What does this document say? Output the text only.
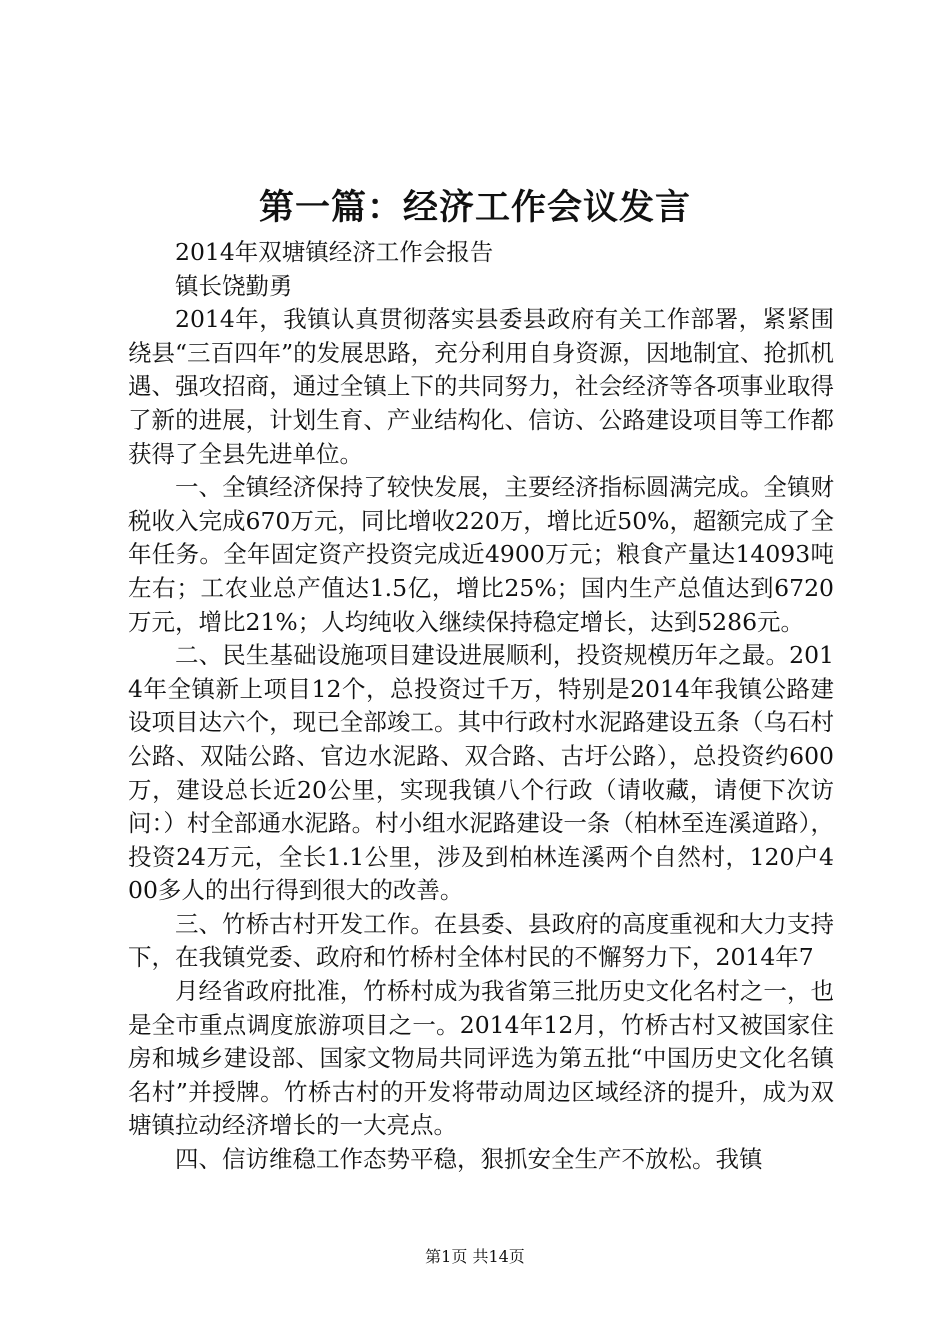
第一篇：经济工作会议发言

2014年双塘镇经济工作会报告

镇长饶勤勇

2014年，我镇认真贯彻落实县委县政府有关工作部署，紧紧围绕县“三百四年”的发展思路，充分利用自身资源，因地制宜、抢抓机遇、强攻招商，通过全镇上下的共同努力，社会经济等各项事业取得了新的进展，计划生育、产业结构化、信访、公路建设项目等工作都获得了全县先进单位。

一、全镇经济保持了较快发展，主要经济指标圆满完成。全镇财税收入完成670万元，同比增收220万，增比近50%，超额完成了全年任务。全年固定资产投资完成近4900万元；粮食产量达14093吨左右；工农业总产值达1.5亿，增比25%；国内生产总值达到6720万元，增比21%；人均纯收入继续保持稳定增长，达到5286元。

二、民生基础设施项目建设进展顺利，投资规模历年之最。2014年全镇新上项目12个，总投资过千万，特别是2014年我镇公路建设项目达六个，现已全部竣工。其中行政村水泥路建设五条（乌石村公路、双陆公路、官边水泥路、双合路、古圩公路），总投资约600万，建设总长近20公里，实现我镇八个行政（请收藏，请便下次访问：）村全部通水泥路。村小组水泥路建设一条（柏林至连溪道路），投资24万元，全长1.1公里，涉及到柏林连溪两个自然村，120户400多人的出行得到很大的改善。

三、竹桥古村开发工作。在县委、县政府的高度重视和大力支持下，在我镇党委、政府和竹桥村全体村民的不懈努力下，2014年7

月经省政府批准，竹桥村成为我省第三批历史文化名村之一，也是全市重点调度旅游项目之一。2014年12月，竹桥古村又被国家住房和城乡建设部、国家文物局共同评选为第五批“中国历史文化名镇名村”并授牌。竹桥古村的开发将带动周边区域经济的提升，成为双塘镇拉动经济增长的一大亮点。

四、信访维稳工作态势平稳，狠抓安全生产不放松。我镇

第1页 共14页
